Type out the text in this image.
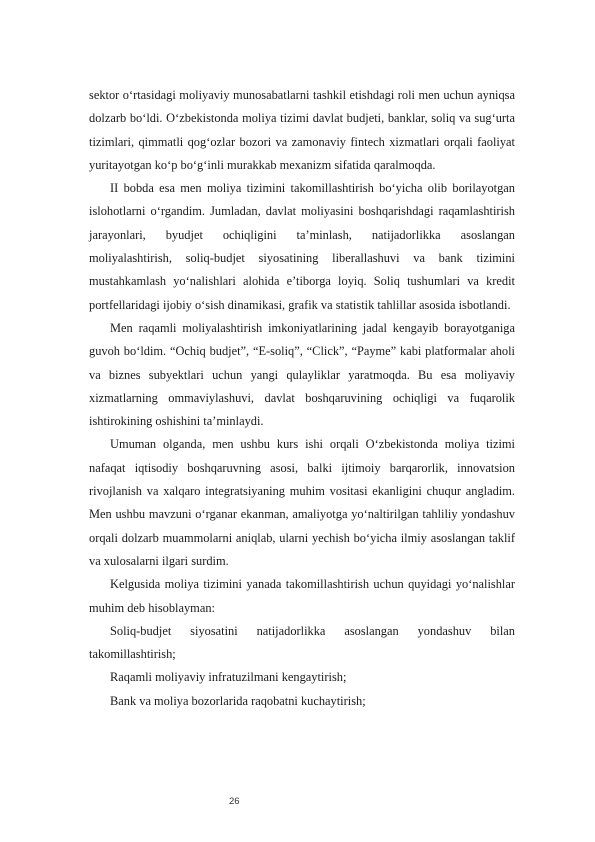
sektor o‘rtasidagi moliyaviy munosabatlarni tashkil etishdagi roli men uchun ayniqsa dolzarb bo‘ldi. O‘zbekistonda moliya tizimi davlat budjeti, banklar, soliq va sug‘urta tizimlari, qimmatli qog‘ozlar bozori va zamonaviy fintech xizmatlari orqali faoliyat yuritayotgan ko‘p bo‘g‘inli murakkab mexanizm sifatida qaralmoqda.

II bobda esa men moliya tizimini takomillashtirish bo‘yicha olib borilayotgan islohotlarni o‘rgandim. Jumladan, davlat moliyasini boshqarishdagi raqamlashtirish jarayonlari, byudjet ochiqligini ta’minlash, natijadorlikka asoslangan moliyalashtirish, soliq-budjet siyosatining liberallashuvi va bank tizimini mustahkamlash yo‘nalishlari alohida e’tiborga loyiq. Soliq tushumlari va kredit portfellaridagi ijobiy o‘sish dinamikasi, grafik va statistik tahlillar asosida isbotlandi.

Men raqamli moliyalashtirish imkoniyatlarining jadal kengayib borayotganiga guvoh bo‘ldim. “Ochiq budjet”, “E-soliq”, “Click”, “Payme” kabi platformalar aholi va biznes subyektlari uchun yangi qulayliklar yaratmoqda. Bu esa moliyaviy xizmatlarning ommaviylashuvi, davlat boshqaruvining ochiqligi va fuqarolik ishtirokining oshishini ta’minlaydi.

Umuman olganda, men ushbu kurs ishi orqali O‘zbekistonda moliya tizimi nafaqat iqtisodiy boshqaruvning asosi, balki ijtimoiy barqarorlik, innovatsion rivojlanish va xalqaro integratsiyaning muhim vositasi ekanligini chuqur angladim. Men ushbu mavzuni o‘rganar ekanman, amaliyotga yo‘naltirilgan tahliliy yondashuv orqali dolzarb muammolarni aniqlab, ularni yechish bo‘yicha ilmiy asoslangan taklif va xulosalarni ilgari surdim.

Kelgusida moliya tizimini yanada takomillashtirish uchun quyidagi yo‘nalishlar muhim deb hisoblayman:

Soliq-budjet siyosatini natijadorlikka asoslangan yondashuv bilan takomillashtirish;

Raqamli moliyaviy infratuzilmani kengaytirish;

Bank va moliya bozorlarida raqobatni kuchaytirish;

26
